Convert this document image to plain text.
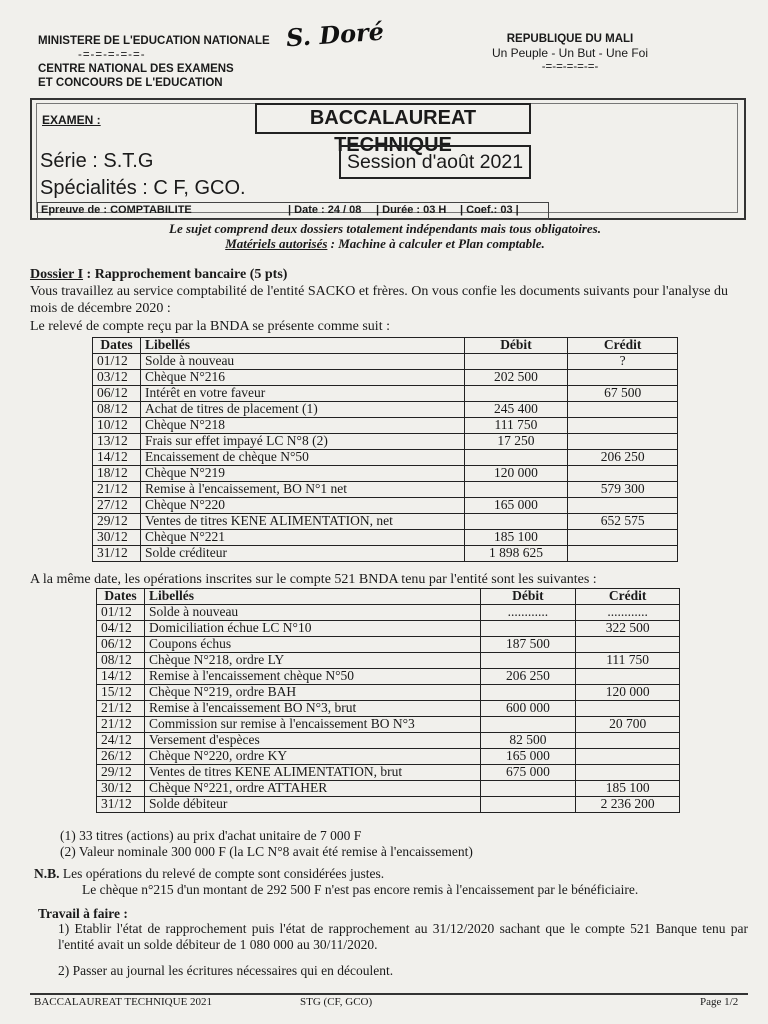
MINISTERE DE L'EDUCATION NATIONALE
-=-=-=-=-=-
CENTRE NATIONAL DES EXAMENS
ET CONCOURS DE L'EDUCATION
S. Doré	REPUBLIQUE DU MALI
Un Peuple - Un But - Une Foi
-=-=-=-=-=-
EXAMEN :	BACCALAUREAT TECHNIQUE
Série : S.T.G
Spécialités : C F, GCO.
Session d'août 2021
Epreuve de : COMPTABILITE	| Date : 24 / 08 | Durée : 03 H | Coef.: 03 |
Le sujet comprend deux dossiers totalement indépendants mais tous obligatoires.
Matériels autorisés : Machine à calculer et Plan comptable.
Dossier I : Rapprochement bancaire (5 pts)
Vous travaillez au service comptabilité de l'entité SACKO et frères. On vous confie les documents suivants pour l'analyse du mois de décembre 2020 :
Le relevé de compte reçu par la BNDA se présente comme suit :
Dates	Libellés	Débit	Crédit
01/12	Solde à nouveau		?
03/12	Chèque N°216	202 500	
06/12	Intérêt en votre faveur		67 500
08/12	Achat de titres de placement (1)	245 400	
10/12	Chèque N°218	111 750	
13/12	Frais sur effet impayé LC N°8 (2)	17 250	
14/12	Encaissement de chèque N°50		206 250
18/12	Chèque N°219	120 000	
21/12	Remise à l'encaissement, BO N°1 net		579 300
27/12	Chèque N°220	165 000	
29/12	Ventes de titres KENE ALIMENTATION, net		652 575
30/12	Chèque N°221	185 100	
31/12	Solde créditeur	1 898 625	
A la même date, les opérations inscrites sur le compte 521 BNDA tenu par l'entité sont les suivantes :
Dates	Libellés	Débit	Crédit
01/12	Solde à nouveau	............	............
04/12	Domiciliation échue LC N°10		322 500
06/12	Coupons échus	187 500	
08/12	Chèque N°218, ordre LY		111 750
14/12	Remise à l'encaissement chèque N°50	206 250	
15/12	Chèque N°219, ordre BAH		120 000
21/12	Remise à l'encaissement BO N°3, brut	600 000	
21/12	Commission sur remise à l'encaissement BO N°3		20 700
24/12	Versement d'espèces	82 500	
26/12	Chèque N°220, ordre KY	165 000	
29/12	Ventes de titres KENE ALIMENTATION, brut	675 000	
30/12	Chèque N°221, ordre ATTAHER		185 100
31/12	Solde débiteur		2 236 200
(1) 33 titres (actions) au prix d'achat unitaire de 7 000 F
(2) Valeur nominale 300 000 F (la LC N°8 avait été remise à l'encaissement)
N.B. Les opérations du relevé de compte sont considérées justes.
Le chèque n°215 d'un montant de 292 500 F n'est pas encore remis à l'encaissement par le bénéficiaire.
Travail à faire :
1) Etablir l'état de rapprochement puis l'état de rapprochement au 31/12/2020 sachant que le compte 521 Banque tenu par l'entité avait un solde débiteur de 1 080 000 au 30/11/2020.
2) Passer au journal les écritures nécessaires qui en découlent.
BACCALAUREAT TECHNIQUE 2021	STG (CF, GCO)	Page 1/2
